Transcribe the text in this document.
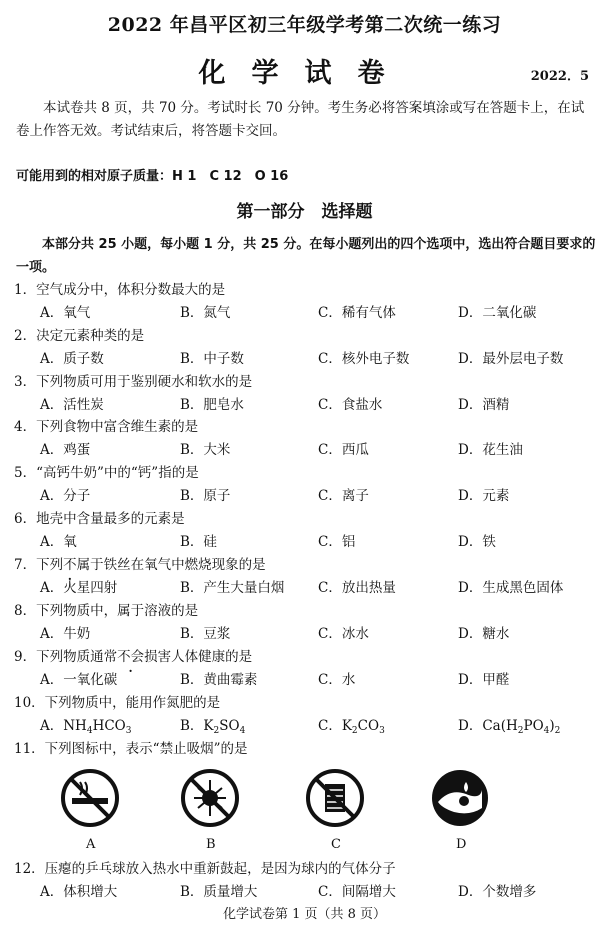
2022 年昌平区初三年级学考第二次统一练习
化学试卷	2022．5
本试卷共 8 页，共 70 分。考试时长 70 分钟。考生务必将答案填涂或写在答题卡上，在试卷上作答无效。考试结束后，将答题卡交回。
可能用到的相对原子质量：H 1　C 12　O 16
第一部分　选择题
本部分共 25 小题，每小题 1 分，共 25 分。在每小题列出的四个选项中，选出符合题目要求的一项。
1．空气成分中，体积分数最大的是
A．氧气	B．氮气	C．稀有气体	D．二氧化碳
2．决定元素种类的是
A．质子数	B．中子数	C．核外电子数	D．最外层电子数
3．下列物质可用于鉴别硬水和软水的是
A．活性炭	B．肥皂水	C．食盐水	D．酒精
4．下列食物中富含维生素的是
A．鸡蛋	B．大米	C．西瓜	D．花生油
5．“高钙牛奶”中的“钙”指的是
A．分子	B．原子	C．离子	D．元素
6．地壳中含量最多的元素是
A．氧	B．硅	C．铝	D．铁
7．下列不属于铁丝在氧气中燃烧现象的是
A．火星四射	B．产生大量白烟 C．放出热量	D．生成黑色固体
8．下列物质中，属于溶液的是
A．牛奶	B．豆浆	C．冰水	D．糖水
9．下列物质通常不会损害人体健康的是
A．一氧化碳	B．黄曲霉素	C．水	D．甲醛
10．下列物质中，能用作氮肥的是
A．$NH_4HCO_3$	B．$K_2SO_4$	C．$K_2CO_3$	D．$Ca(H_2PO_4)_2$
11．下列图标中，表示“禁止吸烟”的是
A	B	C	D
12．压瘪的乒乓球放入热水中重新鼓起，是因为球内的气体分子
A．体积增大	B．质量增大	C．间隔增大	D．个数增多
化学试卷第 1 页（共 8 页）
